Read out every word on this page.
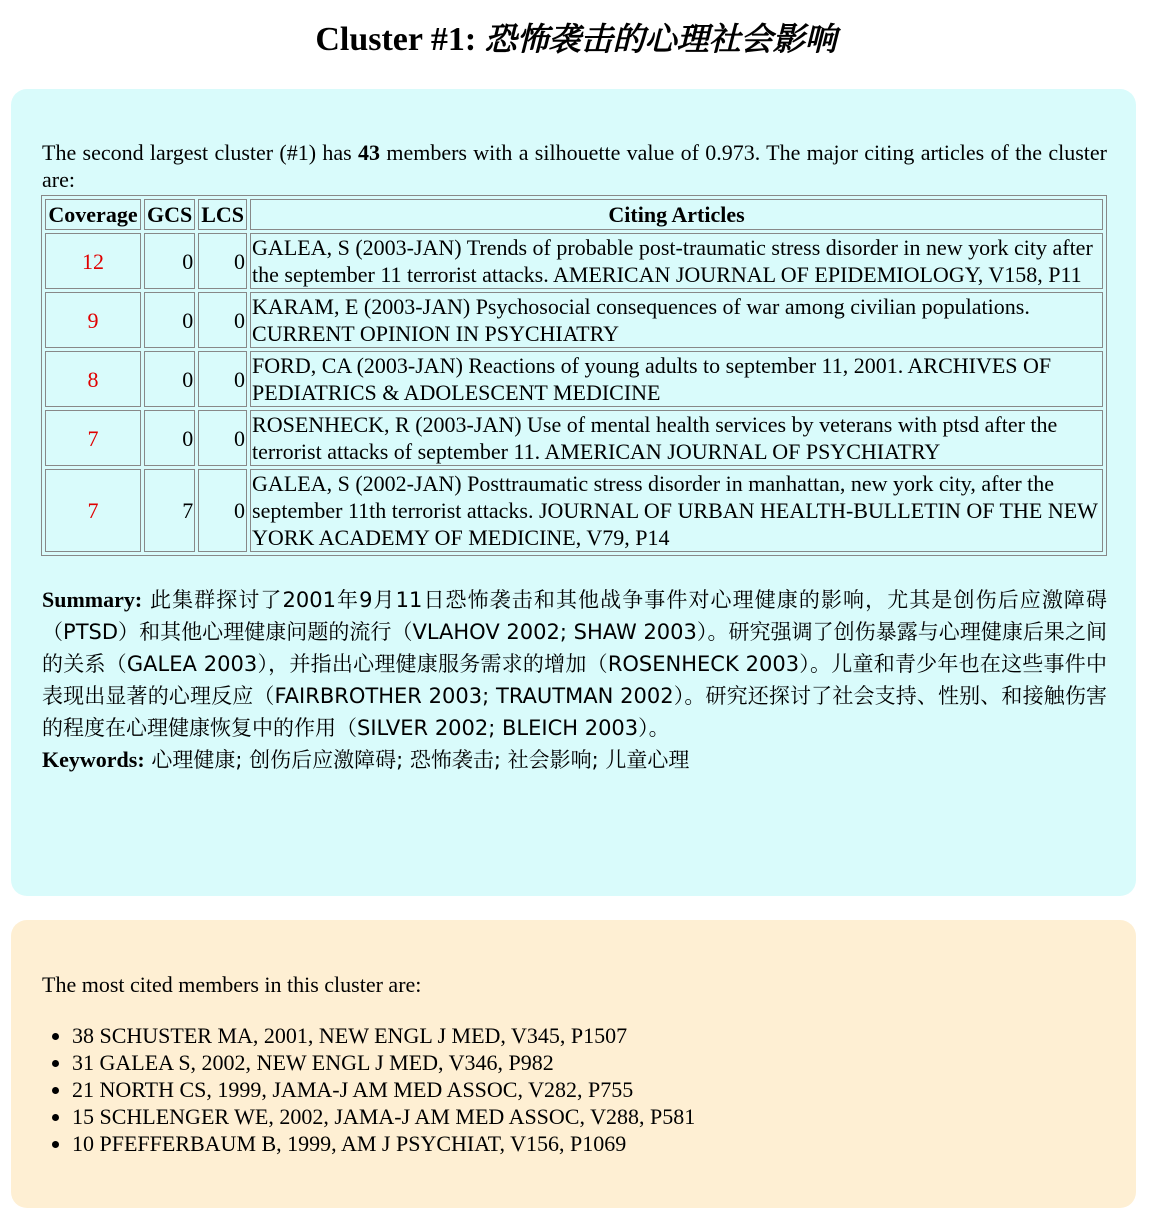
Cluster #1: 恐怖袭击的心理社会影响

The second largest cluster (#1) has 43 members with a silhouette value of 0.973. The major citing articles of the cluster are:

Coverage	GCS	LCS	Citing Articles
12	0	0	GALEA, S (2003-JAN) Trends of probable post-traumatic stress disorder in new york city after the september 11 terrorist attacks. AMERICAN JOURNAL OF EPIDEMIOLOGY, V158, P11
9	0	0	KARAM, E (2003-JAN) Psychosocial consequences of war among civilian populations. CURRENT OPINION IN PSYCHIATRY
8	0	0	FORD, CA (2003-JAN) Reactions of young adults to september 11, 2001. ARCHIVES OF PEDIATRICS & ADOLESCENT MEDICINE
7	0	0	ROSENHECK, R (2003-JAN) Use of mental health services by veterans with ptsd after the terrorist attacks of september 11. AMERICAN JOURNAL OF PSYCHIATRY
7	7	0	GALEA, S (2002-JAN) Posttraumatic stress disorder in manhattan, new york city, after the september 11th terrorist attacks. JOURNAL OF URBAN HEALTH-BULLETIN OF THE NEW YORK ACADEMY OF MEDICINE, V79, P14
Summary: 此集群探讨了2001年9月11日恐怖袭击和其他战争事件对心理健康的影响，尤其是创伤后应激障碍（PTSD）和其他心理健康问题的流行（VLAHOV 2002; SHAW 2003）。研究强调了创伤暴露与心理健康后果之间的关系（GALEA 2003），并指出心理健康服务需求的增加（ROSENHECK 2003）。儿童和青少年也在这些事件中表现出显著的心理反应（FAIRBROTHER 2003; TRAUTMAN 2002）。研究还探讨了社会支持、性别、和接触伤害的程度在心理健康恢复中的作用（SILVER 2002; BLEICH 2003）。
Keywords: 心理健康; 创伤后应激障碍; 恐怖袭击; 社会影响; 儿童心理

The most cited members in this cluster are:

• 38 SCHUSTER MA, 2001, NEW ENGL J MED, V345, P1507
• 31 GALEA S, 2002, NEW ENGL J MED, V346, P982
• 21 NORTH CS, 1999, JAMA-J AM MED ASSOC, V282, P755
• 15 SCHLENGER WE, 2002, JAMA-J AM MED ASSOC, V288, P581
• 10 PFEFFERBAUM B, 1999, AM J PSYCHIAT, V156, P1069
